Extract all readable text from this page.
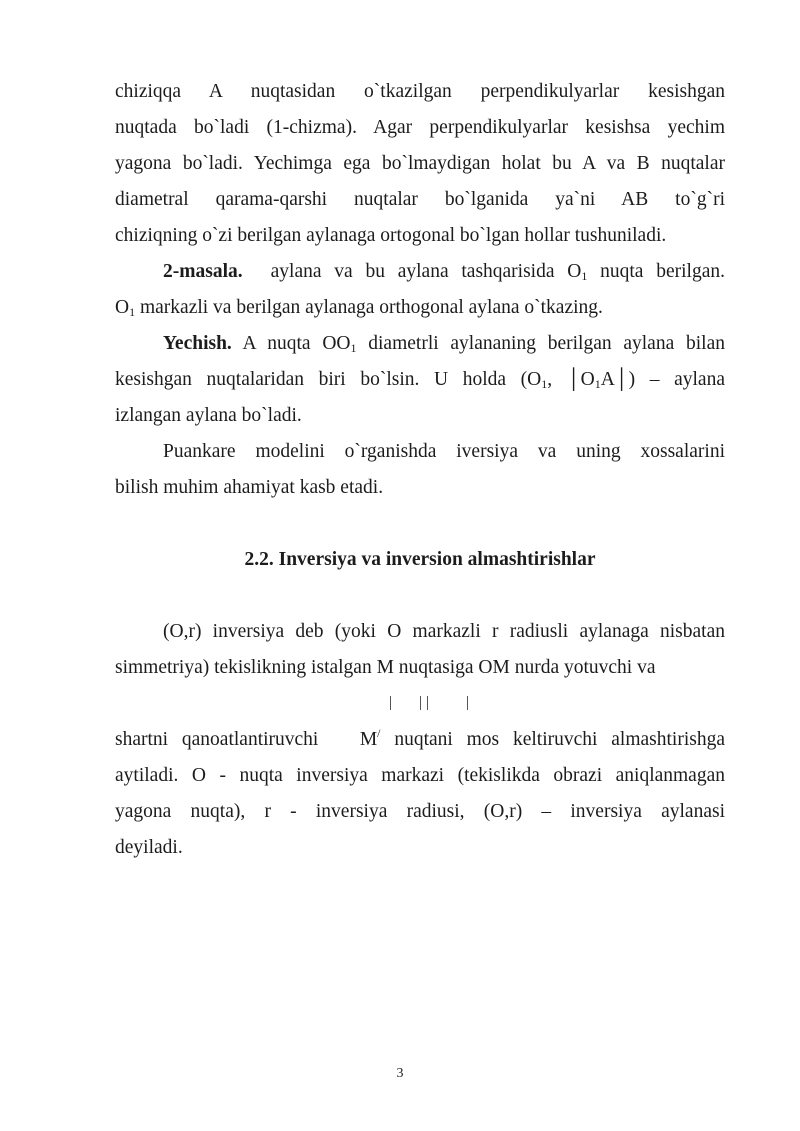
chiziqqa A nuqtasidan o`tkazilgan perpendikulyarlar kesishgan
nuqtada bo`ladi (1-chizma). Agar perpendikulyarlar kesishsa yechim
yagona bo`ladi. Yechimga ega bo`lmaydigan holat bu A va B nuqtalar
diametral qarama-qarshi nuqtalar bo`lganida ya`ni AB to`g`ri
chiziqning o`zi berilgan aylanaga ortogonal bo`lgan hollar tushuniladi.

2-masala. aylana va bu aylana tashqarisida $O_1$ nuqta berilgan.

$O_1$ markazli va berilgan aylanaga orthogonal aylana o`tkazing.

Yechish. A nuqta $OO_1$ diametrli aylananing berilgan aylana bilan

kesishgan nuqtalaridan biri bo`lsin. U holda ($O_1$, $│O_1A│$) – aylana

izlangan aylana bo`ladi.

Puankare modelini o`rganishda iversiya va uning xossalarini

bilish muhim ahamiyat kasb etadi.

2.2. Inversiya va inversion almashtirishlar

(O,r) inversiya deb (yoki O markazli r radiusli aylanaga nisbatan

simmetriya) tekislikning istalgan M nuqtasiga OM nurda yotuvchi va

shartni qanoatlantiruvchi   M/ nuqtani mos keltiruvchi almashtirishga

aytiladi. O - nuqta inversiya markazi (tekislikda obrazi aniqlanmagan

yagona nuqta), r - inversiya radiusi, (O,r) – inversiya aylanasi

deyiladi.

3
